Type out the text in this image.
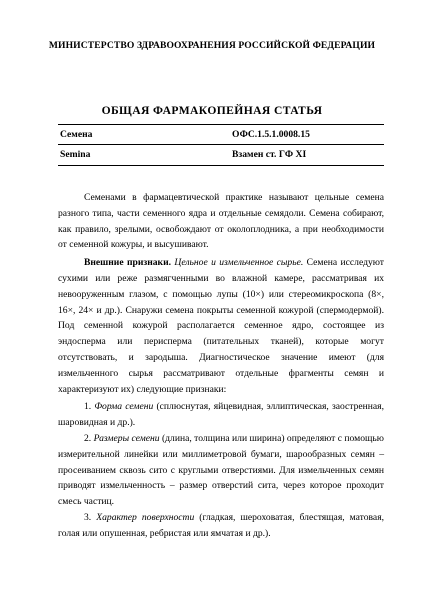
МИНИСТЕРСТВО ЗДРАВООХРАНЕНИЯ РОССИЙСКОЙ ФЕДЕРАЦИИ
ОБЩАЯ ФАРМАКОПЕЙНАЯ СТАТЬЯ
Семена	ОФС.1.5.1.0008.15
Semina	Взамен ст. ГФ XI

Семенами в фармацевтической практике называют цельные семена разного типа, части семенного ядра и отдельные семядоли. Семена собирают, как правило, зрелыми, освобождают от околоплодника, а при необходимости от семенной кожуры, и высушивают.

Внешние признаки. Цельное и измельченное сырье. Семена исследуют сухими или реже размягченными во влажной камере, рассматривая их невооруженным глазом, с помощью лупы (10×) или стереомикроскопа (8×, 16×, 24× и др.). Снаружи семена покрыты семенной кожурой (спермодермой). Под семенной кожурой располагается семенное ядро, состоящее из эндосперма или перисперма (питательных тканей), которые могут отсутствовать, и зародыша. Диагностическое значение имеют (для измельченного сырья рассматривают отдельные фрагменты семян и характеризуют их) следующие признаки:

1. Форма семени (сплюснутая, яйцевидная, эллиптическая, заостренная, шаровидная и др.).

2. Размеры семени (длина, толщина или ширина) определяют с помощью измерительной линейки или миллиметровой бумаги, шарообразных семян – просеиванием сквозь сито с круглыми отверстиями. Для измельченных семян приводят измельченность – размер отверстий сита, через которое проходит смесь частиц.

3. Характер поверхности (гладкая, шероховатая, блестящая, матовая, голая или опушенная, ребристая или ямчатая и др.).
